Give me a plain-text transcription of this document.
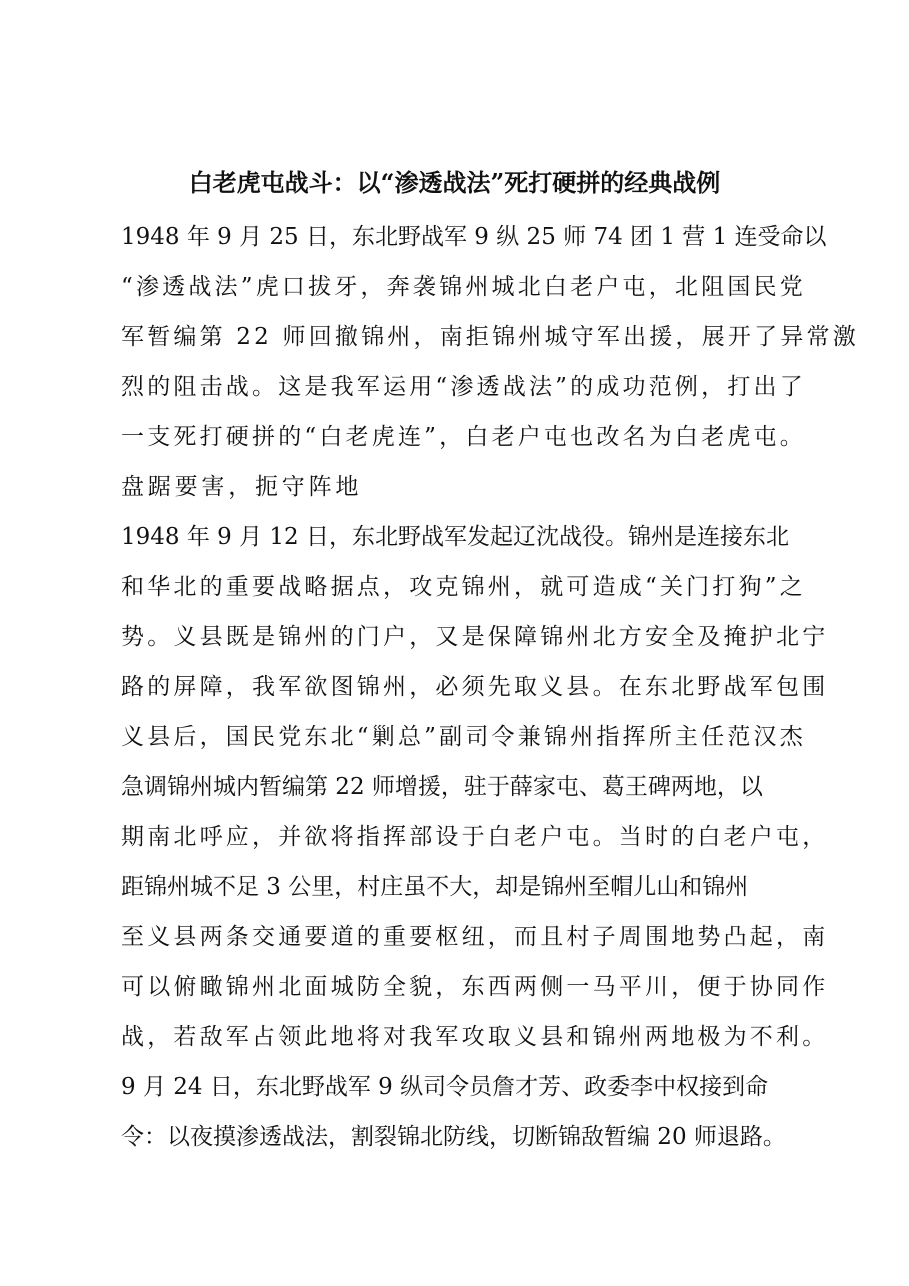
白老虎屯战斗：以“渗透战法”死打硬拼的经典战例
1948 年 9 月 25 日，东北野战军 9 纵 25 师 74 团 1 营 1 连受命以
“渗透战法”虎口拔牙，奔袭锦州城北白老户屯，北阻国民党
军暂编第 22 师回撤锦州，南拒锦州城守军出援，展开了异常激
烈的阻击战。这是我军运用“渗透战法”的成功范例，打出了
一支死打硬拼的“白老虎连”，白老户屯也改名为白老虎屯。
盘踞要害，扼守阵地
1948 年 9 月 12 日，东北野战军发起辽沈战役。锦州是连接东北
和华北的重要战略据点，攻克锦州，就可造成“关门打狗”之
势。义县既是锦州的门户，又是保障锦州北方安全及掩护北宁
路的屏障，我军欲图锦州，必须先取义县。在东北野战军包围
义县后，国民党东北“剿总”副司令兼锦州指挥所主任范汉杰
急调锦州城内暂编第 22 师增援，驻于薛家屯、葛王碑两地，以
期南北呼应，并欲将指挥部设于白老户屯。当时的白老户屯，
距锦州城不足 3 公里，村庄虽不大，却是锦州至帽儿山和锦州
至义县两条交通要道的重要枢纽，而且村子周围地势凸起，南
可以俯瞰锦州北面城防全貌，东西两侧一马平川，便于协同作
战，若敌军占领此地将对我军攻取义县和锦州两地极为不利。
9 月 24 日，东北野战军 9 纵司令员詹才芳、政委李中权接到命
令：以夜摸渗透战法，割裂锦北防线，切断锦敌暂编 20 师退路。
